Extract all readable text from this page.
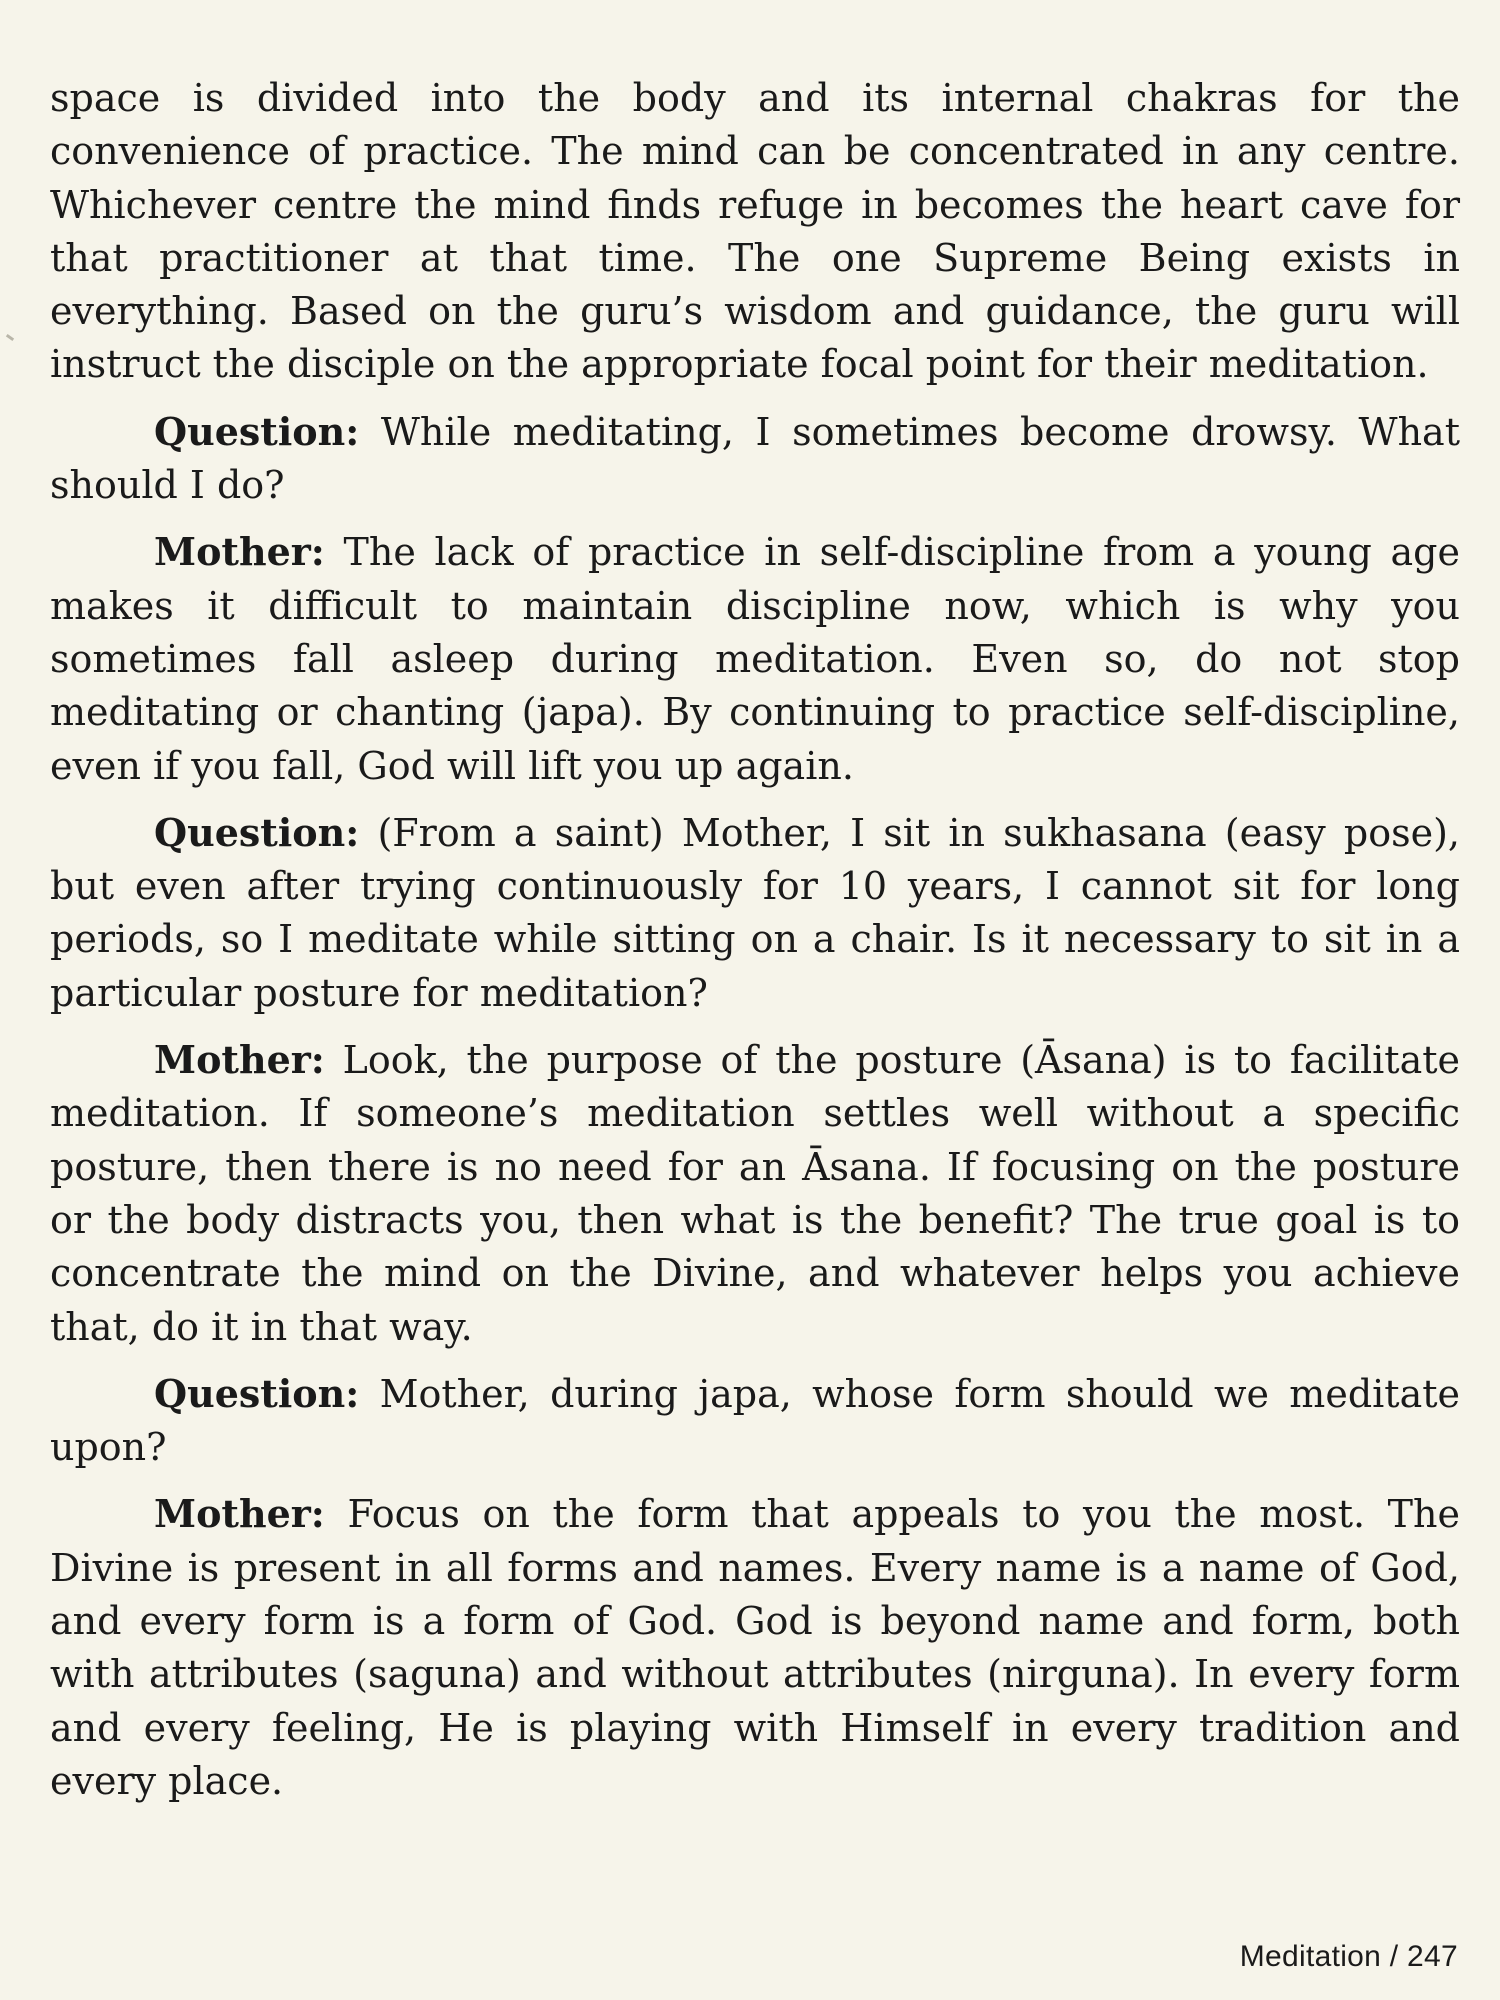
space is divided into the body and its internal chakras for the convenience of practice. The mind can be concentrated in any centre. Whichever centre the mind finds refuge in becomes the heart cave for that practitioner at that time. The one Supreme Being exists in everything. Based on the guru’s wisdom and guidance, the guru will instruct the disciple on the appropriate focal point for their meditation.

Question: While meditating, I sometimes become drowsy. What should I do?

Mother: The lack of practice in self-discipline from a young age makes it difficult to maintain discipline now, which is why you sometimes fall asleep during meditation. Even so, do not stop meditating or chanting (japa). By continuing to practice self-discipline, even if you fall, God will lift you up again.

Question: (From a saint) Mother, I sit in sukhasana (easy pose), but even after trying continuously for 10 years, I cannot sit for long periods, so I meditate while sitting on a chair. Is it necessary to sit in a particular posture for meditation?

Mother: Look, the purpose of the posture (Āsana) is to facilitate meditation. If someone’s meditation settles well without a specific posture, then there is no need for an Āsana. If focusing on the posture or the body distracts you, then what is the benefit? The true goal is to concentrate the mind on the Divine, and whatever helps you achieve that, do it in that way.

Question: Mother, during japa, whose form should we meditate upon?

Mother: Focus on the form that appeals to you the most. The Divine is present in all forms and names. Every name is a name of God, and every form is a form of God. God is beyond name and form, both with attributes (saguna) and without attributes (nirguna). In every form and every feeling, He is playing with Himself in every tradition and every place.

Meditation / 247
